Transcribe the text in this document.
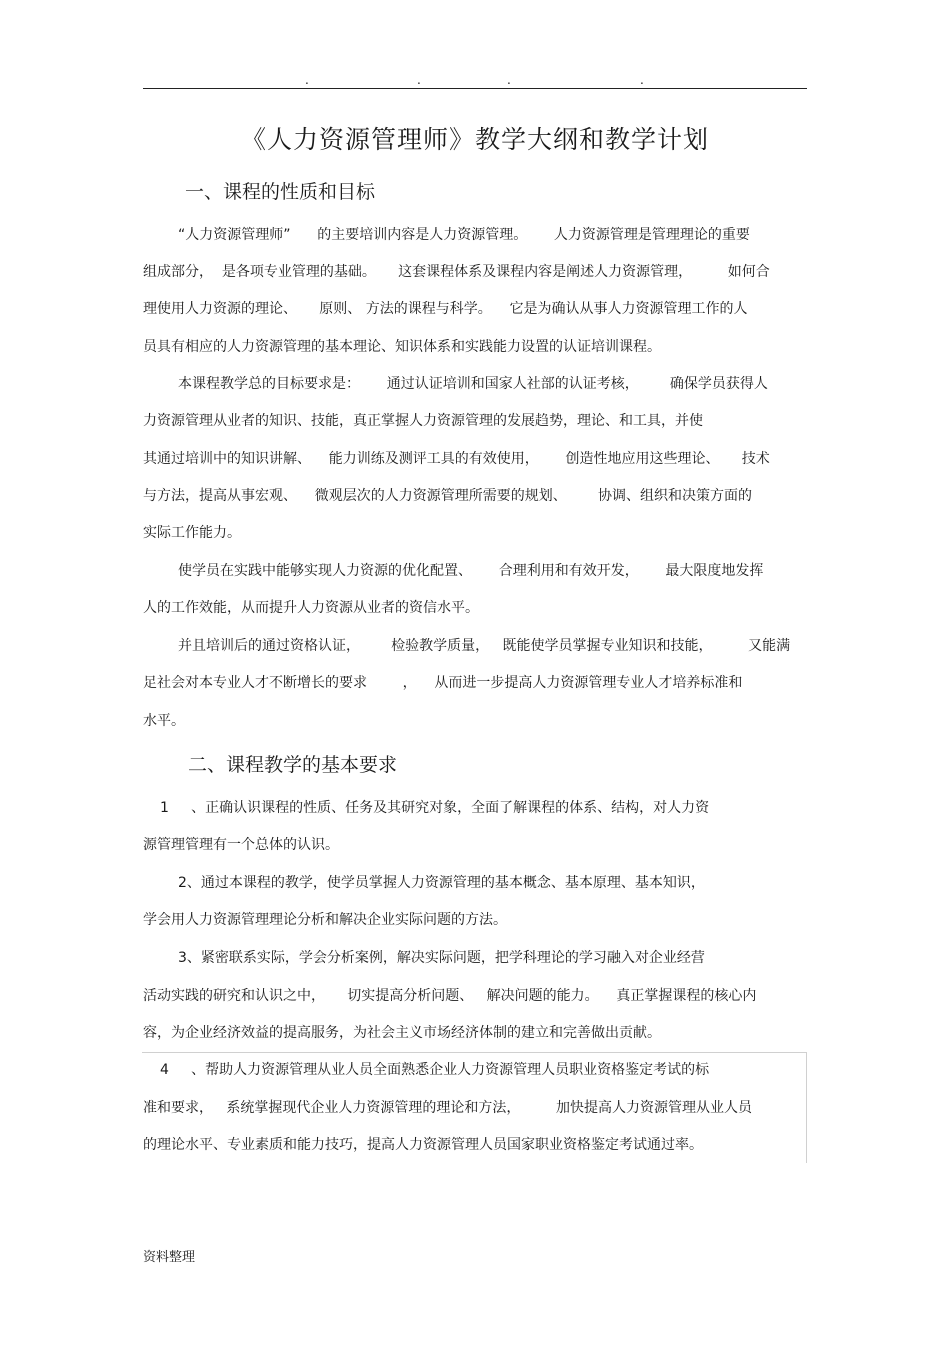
.	.	.	.
《人力资源管理师》教学大纲和教学计划
一、课程的性质和目标
“人力资源管理师”      的主要培训内容是人力资源管理。      人力资源管理是管理理论的重要
组成部分，  是各项专业管理的基础。     这套课程体系及课程内容是阐述人力资源管理，        如何合
理使用人力资源的理论、     原则、 方法的课程与科学。    它是为确认从事人力资源管理工作的人
员具有相应的人力资源管理的基本理论、知识体系和实践能力设置的认证培训课程。
本课程教学总的目标要求是：      通过认证培训和国家人社部的认证考核，       确保学员获得人
力资源管理从业者的知识、技能，真正掌握人力资源管理的发展趋势，理论、和工具，并使
其通过培训中的知识讲解、    能力训练及测评工具的有效使用，      创造性地应用这些理论、     技术
与方法，提高从事宏观、    微观层次的人力资源管理所需要的规划、       协调、组织和决策方面的
实际工作能力。
使学员在实践中能够实现人力资源的优化配置、      合理利用和有效开发，      最大限度地发挥
人的工作效能，从而提升人力资源从业者的资信水平。
并且培训后的通过资格认证，       检验教学质量，   既能使学员掌握专业知识和技能，        又能满
足社会对本专业人才不断增长的要求        ，    从而进一步提高人力资源管理专业人才培养标准和
水平。
二、课程教学的基本要求
1     、正确认识课程的性质、任务及其研究对象，全面了解课程的体系、结构，对人力资
源管理管理有一个总体的认识。
2、通过本课程的教学，使学员掌握人力资源管理的基本概念、基本原理、基本知识，
学会用人力资源管理理论分析和解决企业实际问题的方法。
3、紧密联系实际，学会分析案例，解决实际问题，把学科理论的学习融入对企业经营
活动实践的研究和认识之中，     切实提高分析问题、   解决问题的能力。    真正掌握课程的核心内
容，为企业经济效益的提高服务，为社会主义市场经济体制的建立和完善做出贡献。
4     、帮助人力资源管理从业人员全面熟悉企业人力资源管理人员职业资格鉴定考试的标
准和要求，   系统掌握现代企业人力资源管理的理论和方法，        加快提高人力资源管理从业人员
的理论水平、专业素质和能力技巧，提高人力资源管理人员国家职业资格鉴定考试通过率。
资料整理
